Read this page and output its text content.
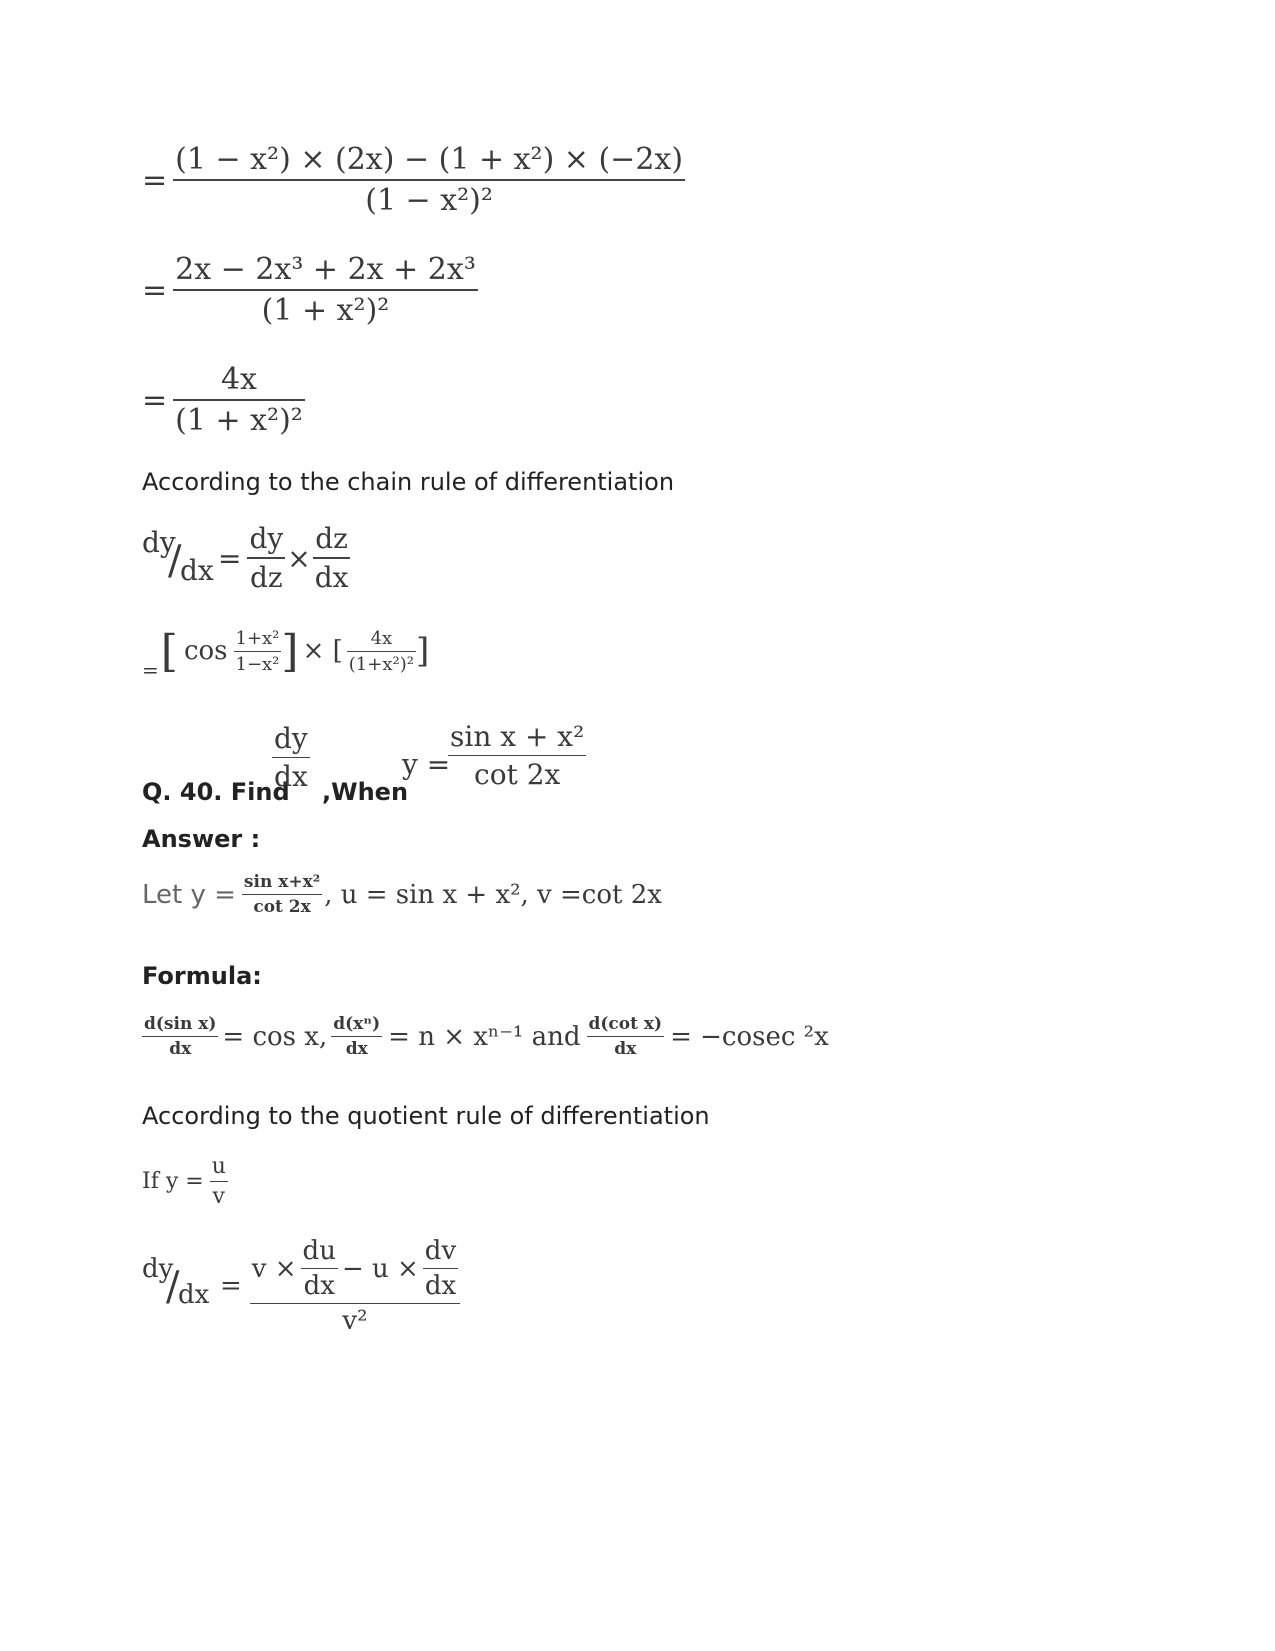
= $\frac{\text{(1 − x²) × (2x) − (1 + x²) × (−2x)}}{\text{(1 − x²)²}}$
= $\frac{\text{2x − 2x³ + 2x + 2x³}}{\text{(1 + x²)²}}$
= $\frac{4x}{\text{(1 + x²)²}}$
According to the chain rule of differentiation
dy
/
dx = $\frac{dy}{dz} \times \frac{dz}{dx}$
= [ $\cos \frac{\text{1+x²}}{\text{1−x²}}$ ] × [ $\frac{4x}{\text{(1+x²)²}}$ ]
Q. 40. Find
dy
dx ,When
y =
sin x + x²
cot 2x
Answer :
Let $y = \frac{\text{sin x+x²}}{\cot 2x}$ , u = sin x + x², v =cot 2x
Formula:
$\frac{\text{d(sin x)}}{dx} = \cos x$, $\frac{\text{d(xⁿ)}}{dx} = n \times x^{n-1}$ and $\frac{\text{d(cot x)}}{dx} = -cosec$ ²x
According to the quotient rule of differentiation
If $y = \frac{u}{v}$
dy
/
dx = $\frac{v \times \frac{du}{dx} - u \times \frac{dv}{dx}}{\text{v²}}$
